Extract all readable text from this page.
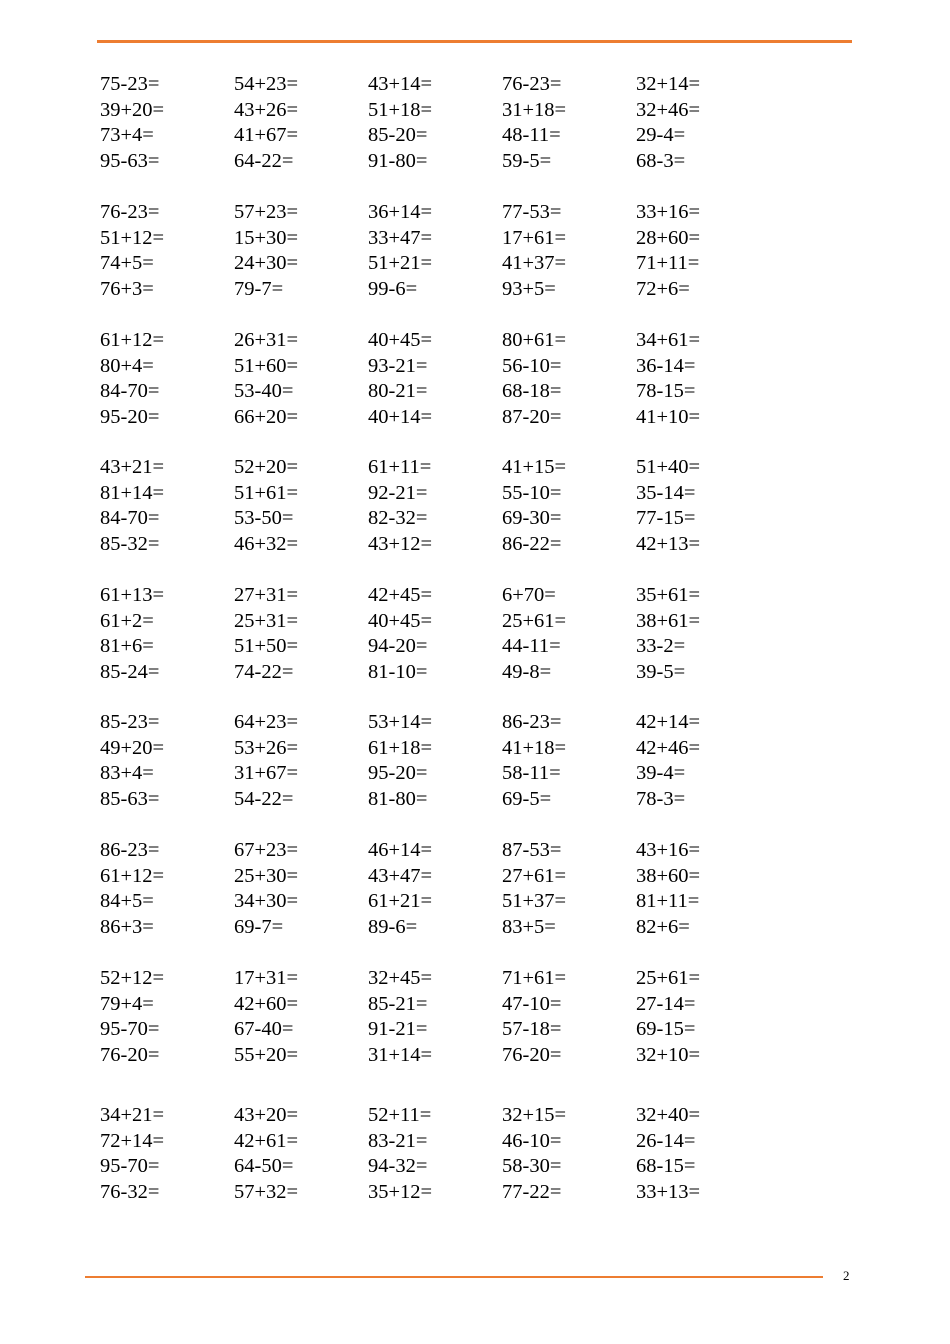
75-23=	54+23=	43+14=	76-23=	32+14=
39+20=	43+26=	51+18=	31+18=	32+46=
73+4=	41+67=	85-20=	48-11=	29-4=
95-63=	64-22=	91-80=	59-5=	68-3=
76-23=	57+23=	36+14=	77-53=	33+16=
51+12=	15+30=	33+47=	17+61=	28+60=
74+5=	24+30=	51+21=	41+37=	71+11=
76+3=	79-7=	99-6=	93+5=	72+6=
61+12=	26+31=	40+45=	80+61=	34+61=
80+4=	51+60=	93-21=	56-10=	36-14=
84-70=	53-40=	80-21=	68-18=	78-15=
95-20=	66+20=	40+14=	87-20=	41+10=
43+21=	52+20=	61+11=	41+15=	51+40=
81+14=	51+61=	92-21=	55-10=	35-14=
84-70=	53-50=	82-32=	69-30=	77-15=
85-32=	46+32=	43+12=	86-22=	42+13=
61+13=	27+31=	42+45=	6+70=	35+61=
61+2=	25+31=	40+45=	25+61=	38+61=
81+6=	51+50=	94-20=	44-11=	33-2=
85-24=	74-22=	81-10=	49-8=	39-5=
85-23=	64+23=	53+14=	86-23=	42+14=
49+20=	53+26=	61+18=	41+18=	42+46=
83+4=	31+67=	95-20=	58-11=	39-4=
85-63=	54-22=	81-80=	69-5=	78-3=
86-23=	67+23=	46+14=	87-53=	43+16=
61+12=	25+30=	43+47=	27+61=	38+60=
84+5=	34+30=	61+21=	51+37=	81+11=
86+3=	69-7=	89-6=	83+5=	82+6=
52+12=	17+31=	32+45=	71+61=	25+61=
79+4=	42+60=	85-21=	47-10=	27-14=
95-70=	67-40=	91-21=	57-18=	69-15=
76-20=	55+20=	31+14=	76-20=	32+10=
34+21=	43+20=	52+11=	32+15=	32+40=
72+14=	42+61=	83-21=	46-10=	26-14=
95-70=	64-50=	94-32=	58-30=	68-15=
76-32=	57+32=	35+12=	77-22=	33+13=
2
